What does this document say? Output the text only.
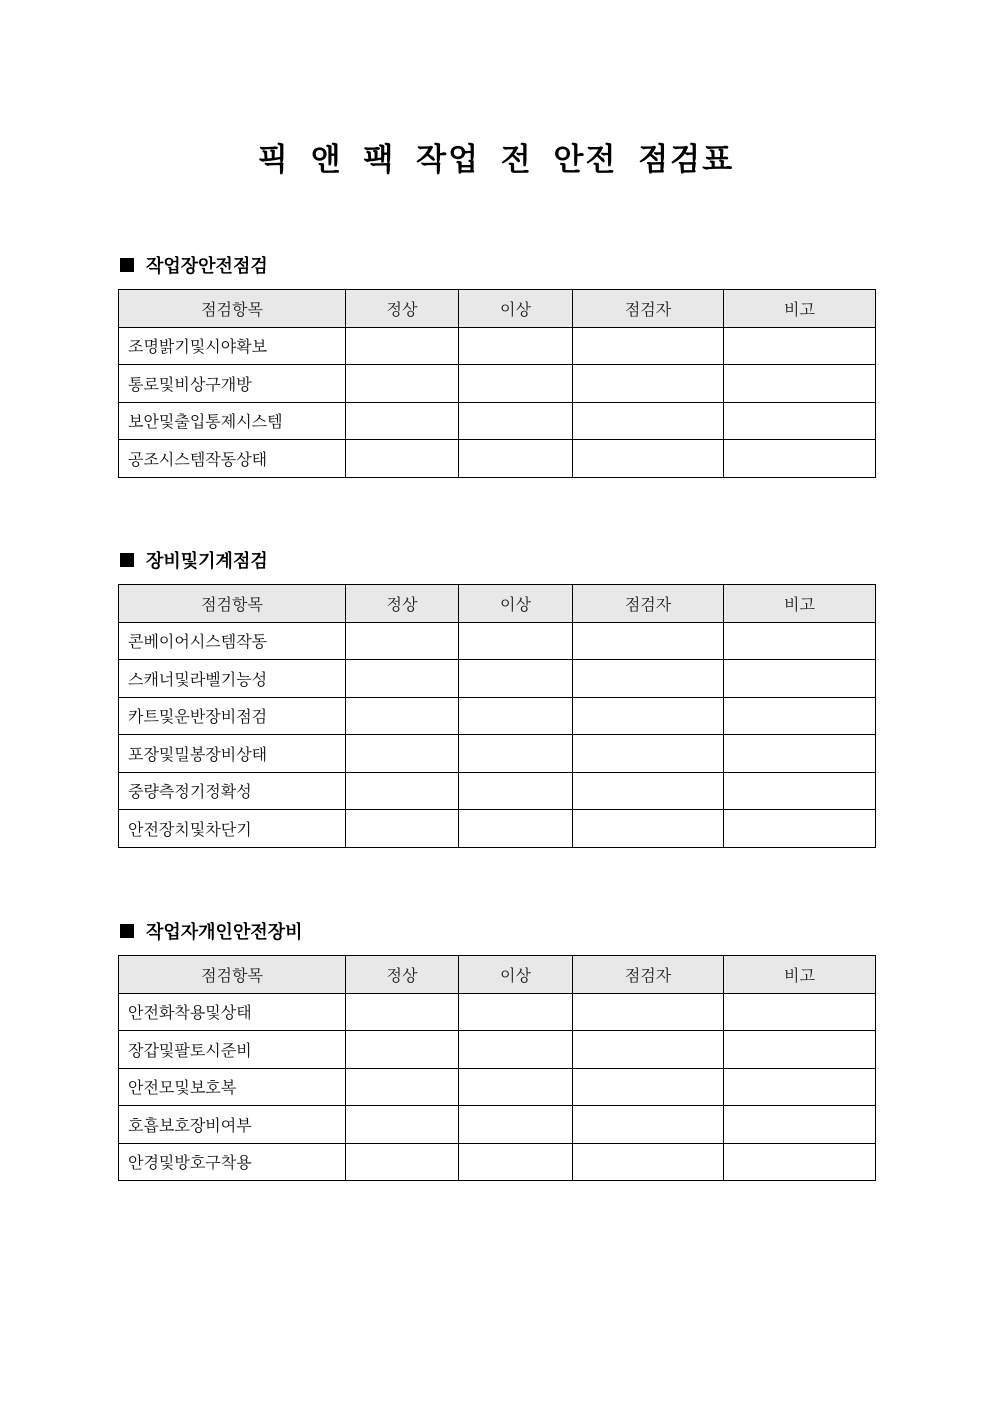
픽 앤 팩 작업 전 안전 점검표
작업장안전점검
점검항목	정상	이상	점검자	비고
조명밝기및시야확보				
통로및비상구개방				
보안및출입통제시스템				
공조시스템작동상태				
장비및기계점검
점검항목	정상	이상	점검자	비고
콘베이어시스템작동				
스캐너및라벨기능성				
카트및운반장비점검				
포장및밀봉장비상태				
중량측정기정확성				
안전장치및차단기				
작업자개인안전장비
점검항목	정상	이상	점검자	비고
안전화착용및상태				
장갑및팔토시준비				
안전모및보호복				
호흡보호장비여부				
안경및방호구착용				
